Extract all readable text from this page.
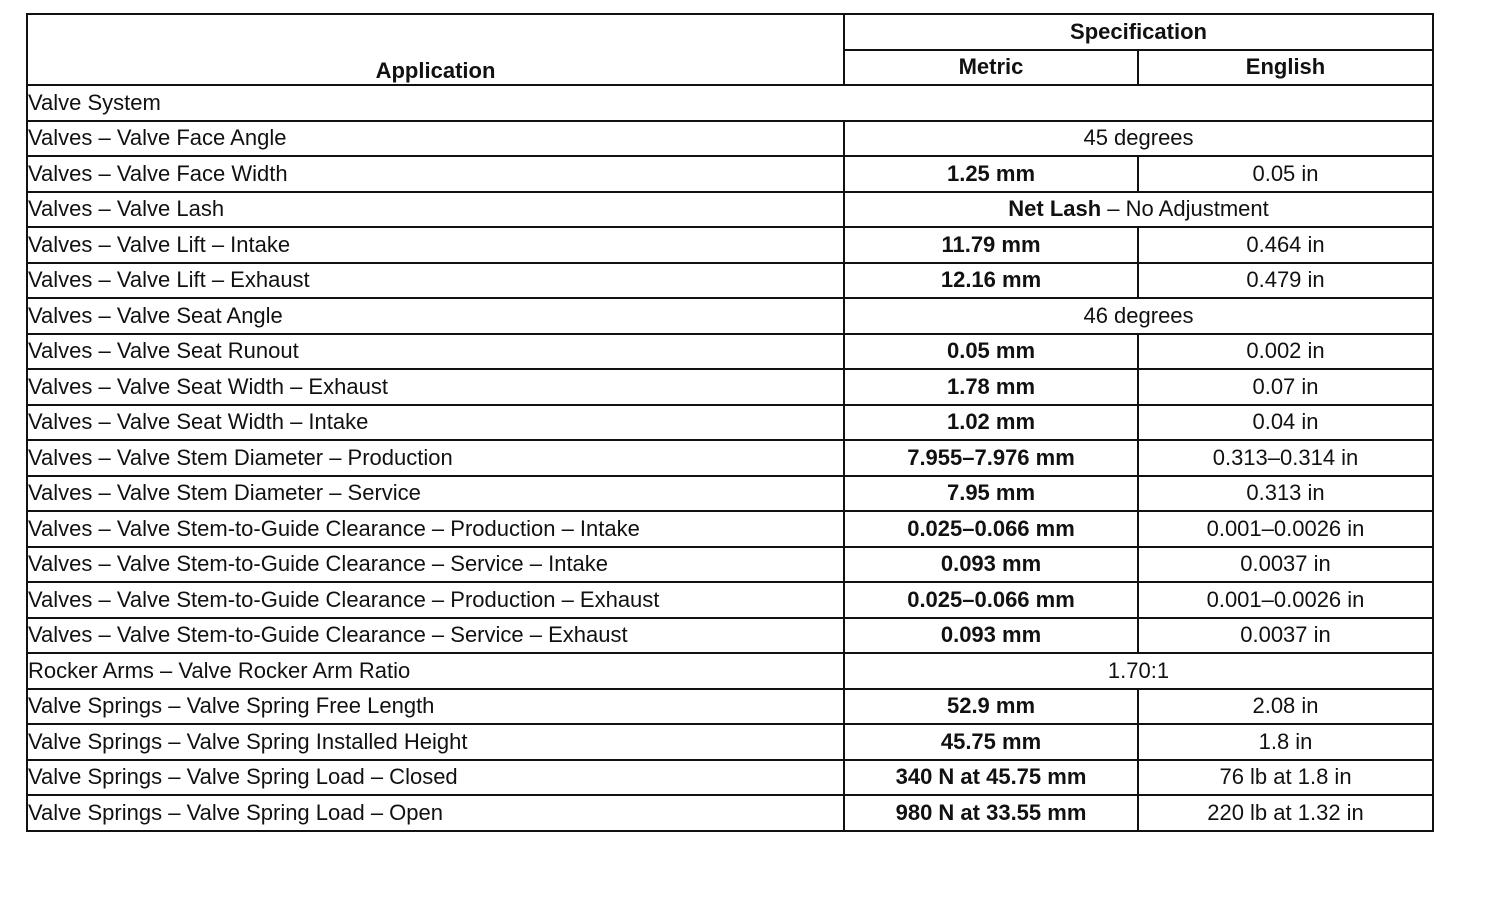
Application	Specification	
	Metric	English
Valve System		
Valves – Valve Face Angle	45 degrees	
Valves – Valve Face Width	1.25 mm	0.05 in
Valves – Valve Lash	Net Lash – No Adjustment	
Valves – Valve Lift – Intake	11.79 mm	0.464 in
Valves – Valve Lift – Exhaust	12.16 mm	0.479 in
Valves – Valve Seat Angle	46 degrees	
Valves – Valve Seat Runout	0.05 mm	0.002 in
Valves – Valve Seat Width – Exhaust	1.78 mm	0.07 in
Valves – Valve Seat Width – Intake	1.02 mm	0.04 in
Valves – Valve Stem Diameter – Production	7.955–7.976 mm	0.313–0.314 in
Valves – Valve Stem Diameter – Service	7.95 mm	0.313 in
Valves – Valve Stem-to-Guide Clearance – Production – Intake	0.025–0.066 mm	0.001–0.0026 in
Valves – Valve Stem-to-Guide Clearance – Service – Intake	0.093 mm	0.0037 in
Valves – Valve Stem-to-Guide Clearance – Production – Exhaust	0.025–0.066 mm	0.001–0.0026 in
Valves – Valve Stem-to-Guide Clearance – Service – Exhaust	0.093 mm	0.0037 in
Rocker Arms – Valve Rocker Arm Ratio	1.70:1	
Valve Springs – Valve Spring Free Length	52.9 mm	2.08 in
Valve Springs – Valve Spring Installed Height	45.75 mm	1.8 in
Valve Springs – Valve Spring Load – Closed	340 N at 45.75 mm	76 lb at 1.8 in
Valve Springs – Valve Spring Load – Open	980 N at 33.55 mm	220 lb at 1.32 in
